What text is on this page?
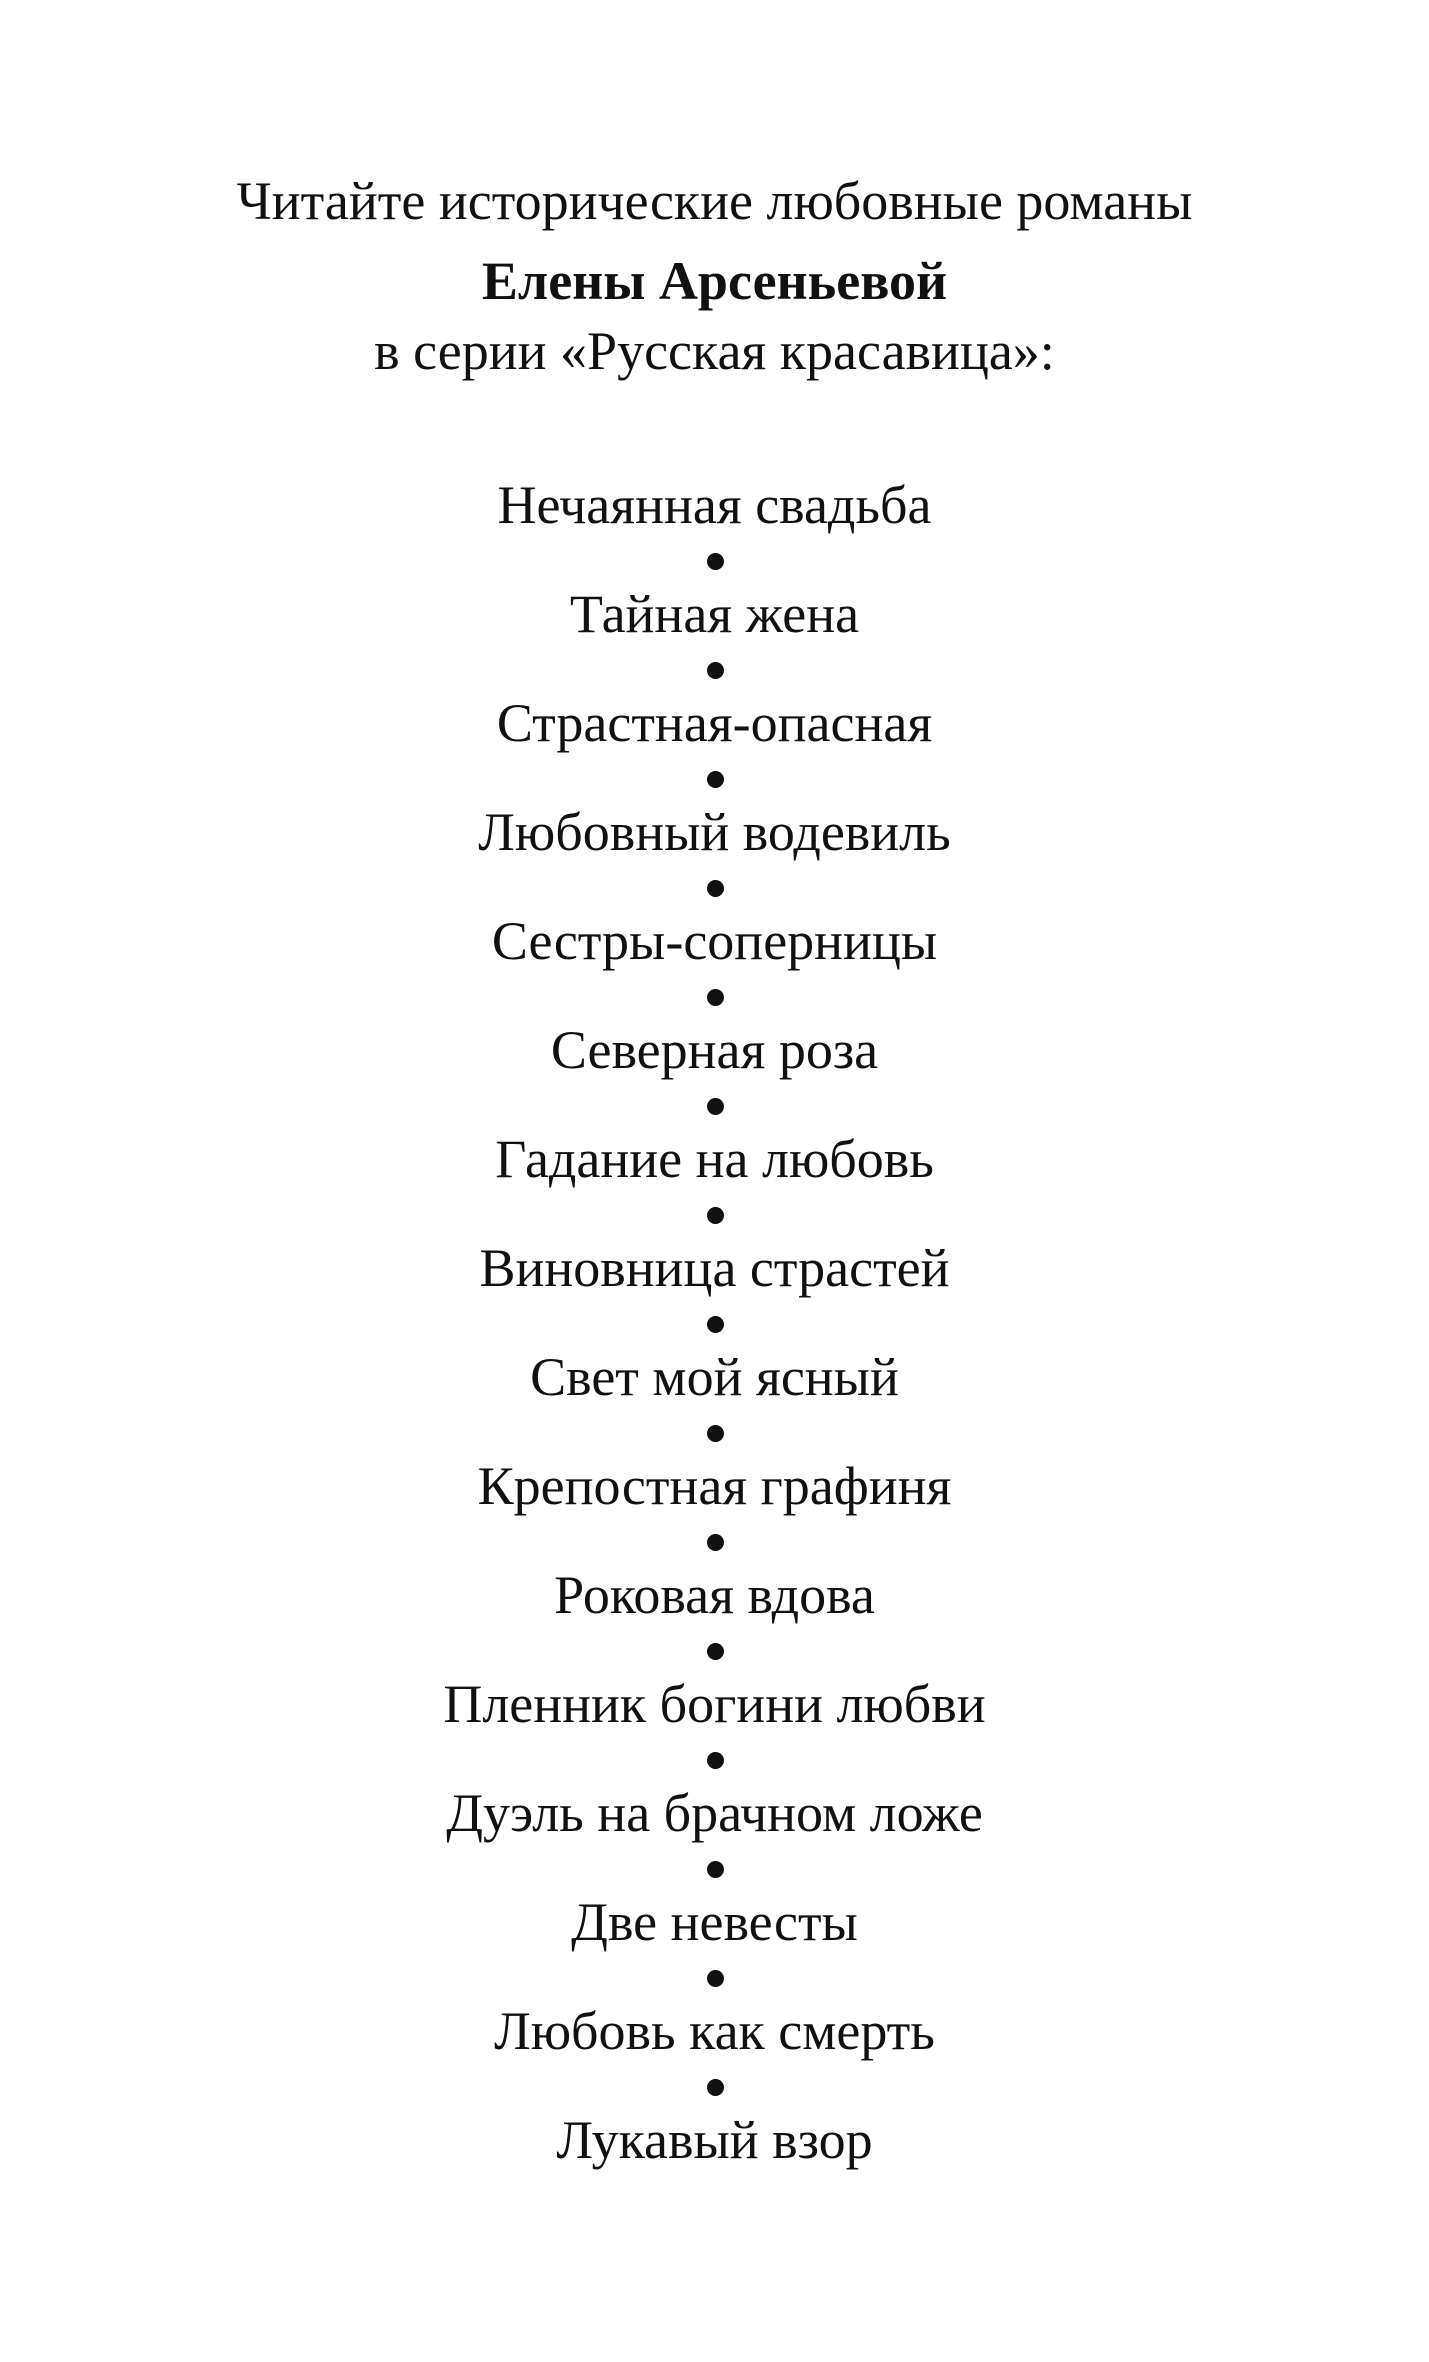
Читайте исторические любовные романы
Елены Арсеньевой
в серии «Русская красавица»:
Нечаянная свадьба
Тайная жена
Страстная-опасная
Любовный водевиль
Сестры-соперницы
Северная роза
Гадание на любовь
Виновница страстей
Свет мой ясный
Крепостная графиня
Роковая вдова
Пленник богини любви
Дуэль на брачном ложе
Две невесты
Любовь как смерть
Лукавый взор
